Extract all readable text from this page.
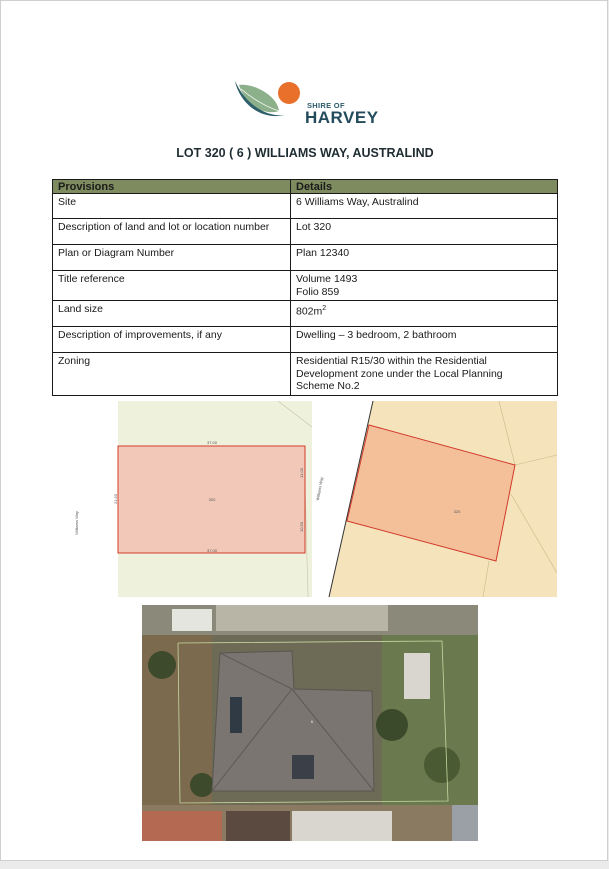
SHIRE OF
HARVEY
LOT 320 ( 6 ) WILLIAMS WAY, AUSTRALIND
Provisions	Details
Site	6 Williams Way, Australind
Description of land and lot or location number	Lot 320
Plan or Diagram Number	Plan 12340
Title reference	Volume 1493
Folio 859

Land size	$802m^2$
Description of improvements, if any	Dwelling – 3 bedroom, 2 bathroom
Zoning	Residential R15/30 within the Residential
Development zone under the Local Planning
Scheme No.2
37.00
37.00
21.50
11.00
10.50
320
Williams Way	320
Williams Way
6
